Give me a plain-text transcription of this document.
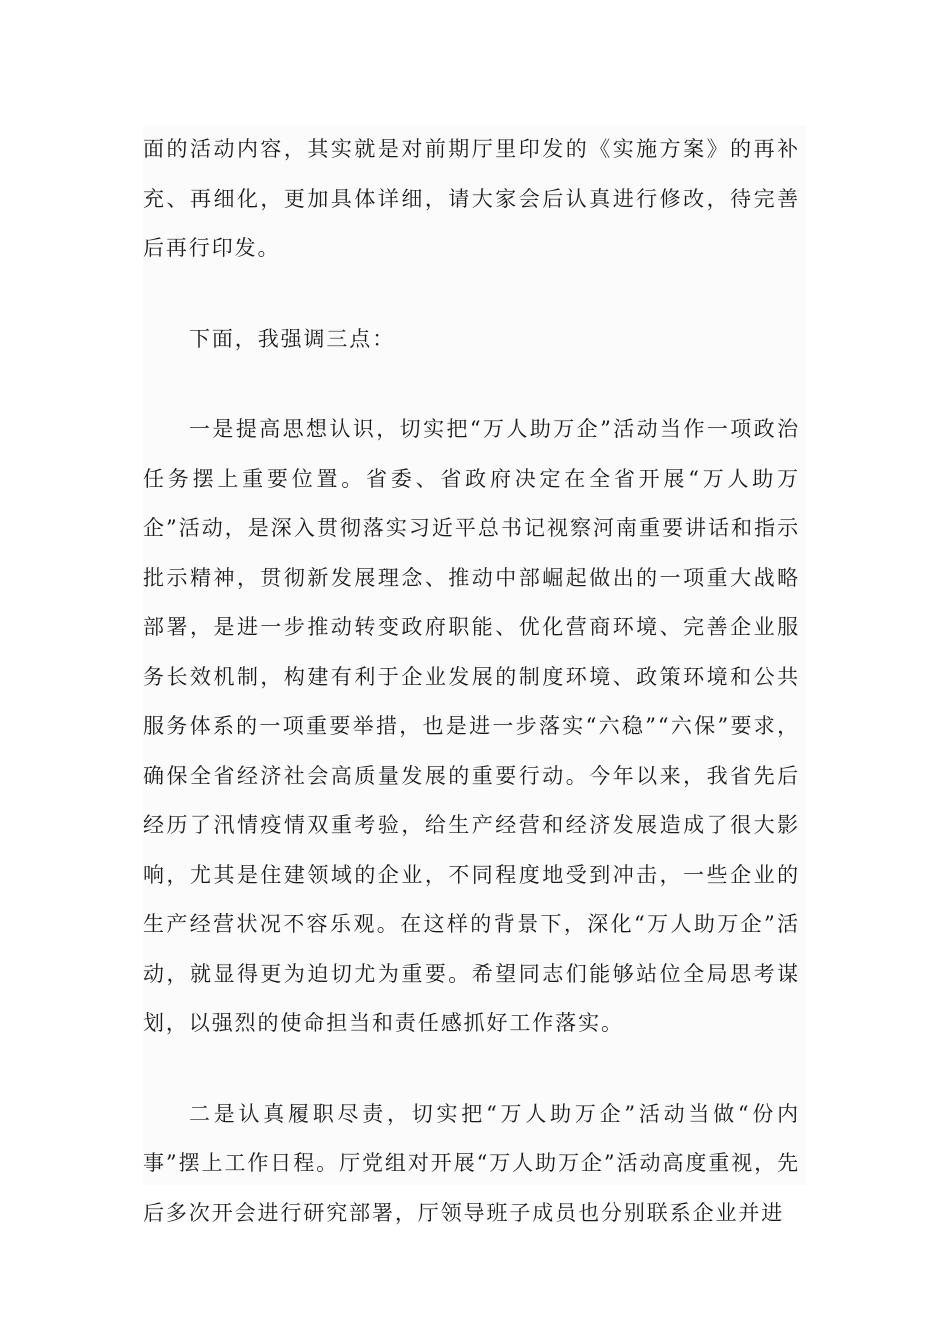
面的活动内容，其实就是对前期厅里印发的《实施方案》的再补充、再细化，更加具体详细，请大家会后认真进行修改，待完善后再行印发。

下面，我强调三点：

一是提高思想认识，切实把“万人助万企”活动当作一项政治任务摆上重要位置。省委、省政府决定在全省开展“万人助万企”活动，是深入贯彻落实习近平总书记视察河南重要讲话和指示批示精神，贯彻新发展理念、推动中部崛起做出的一项重大战略部署，是进一步推动转变政府职能、优化营商环境、完善企业服务长效机制，构建有利于企业发展的制度环境、政策环境和公共服务体系的一项重要举措，也是进一步落实“六稳”“六保”要求，确保全省经济社会高质量发展的重要行动。今年以来，我省先后经历了汛情疫情双重考验，给生产经营和经济发展造成了很大影响，尤其是住建领域的企业，不同程度地受到冲击，一些企业的生产经营状况不容乐观。在这样的背景下，深化“万人助万企”活动，就显得更为迫切尤为重要。希望同志们能够站位全局思考谋划，以强烈的使命担当和责任感抓好工作落实。

二是认真履职尽责，切实把“万人助万企”活动当做“份内事”摆上工作日程。厅党组对开展“万人助万企”活动高度重视，先后多次开会进行研究部署，厅领导班子成员也分别联系企业并进
